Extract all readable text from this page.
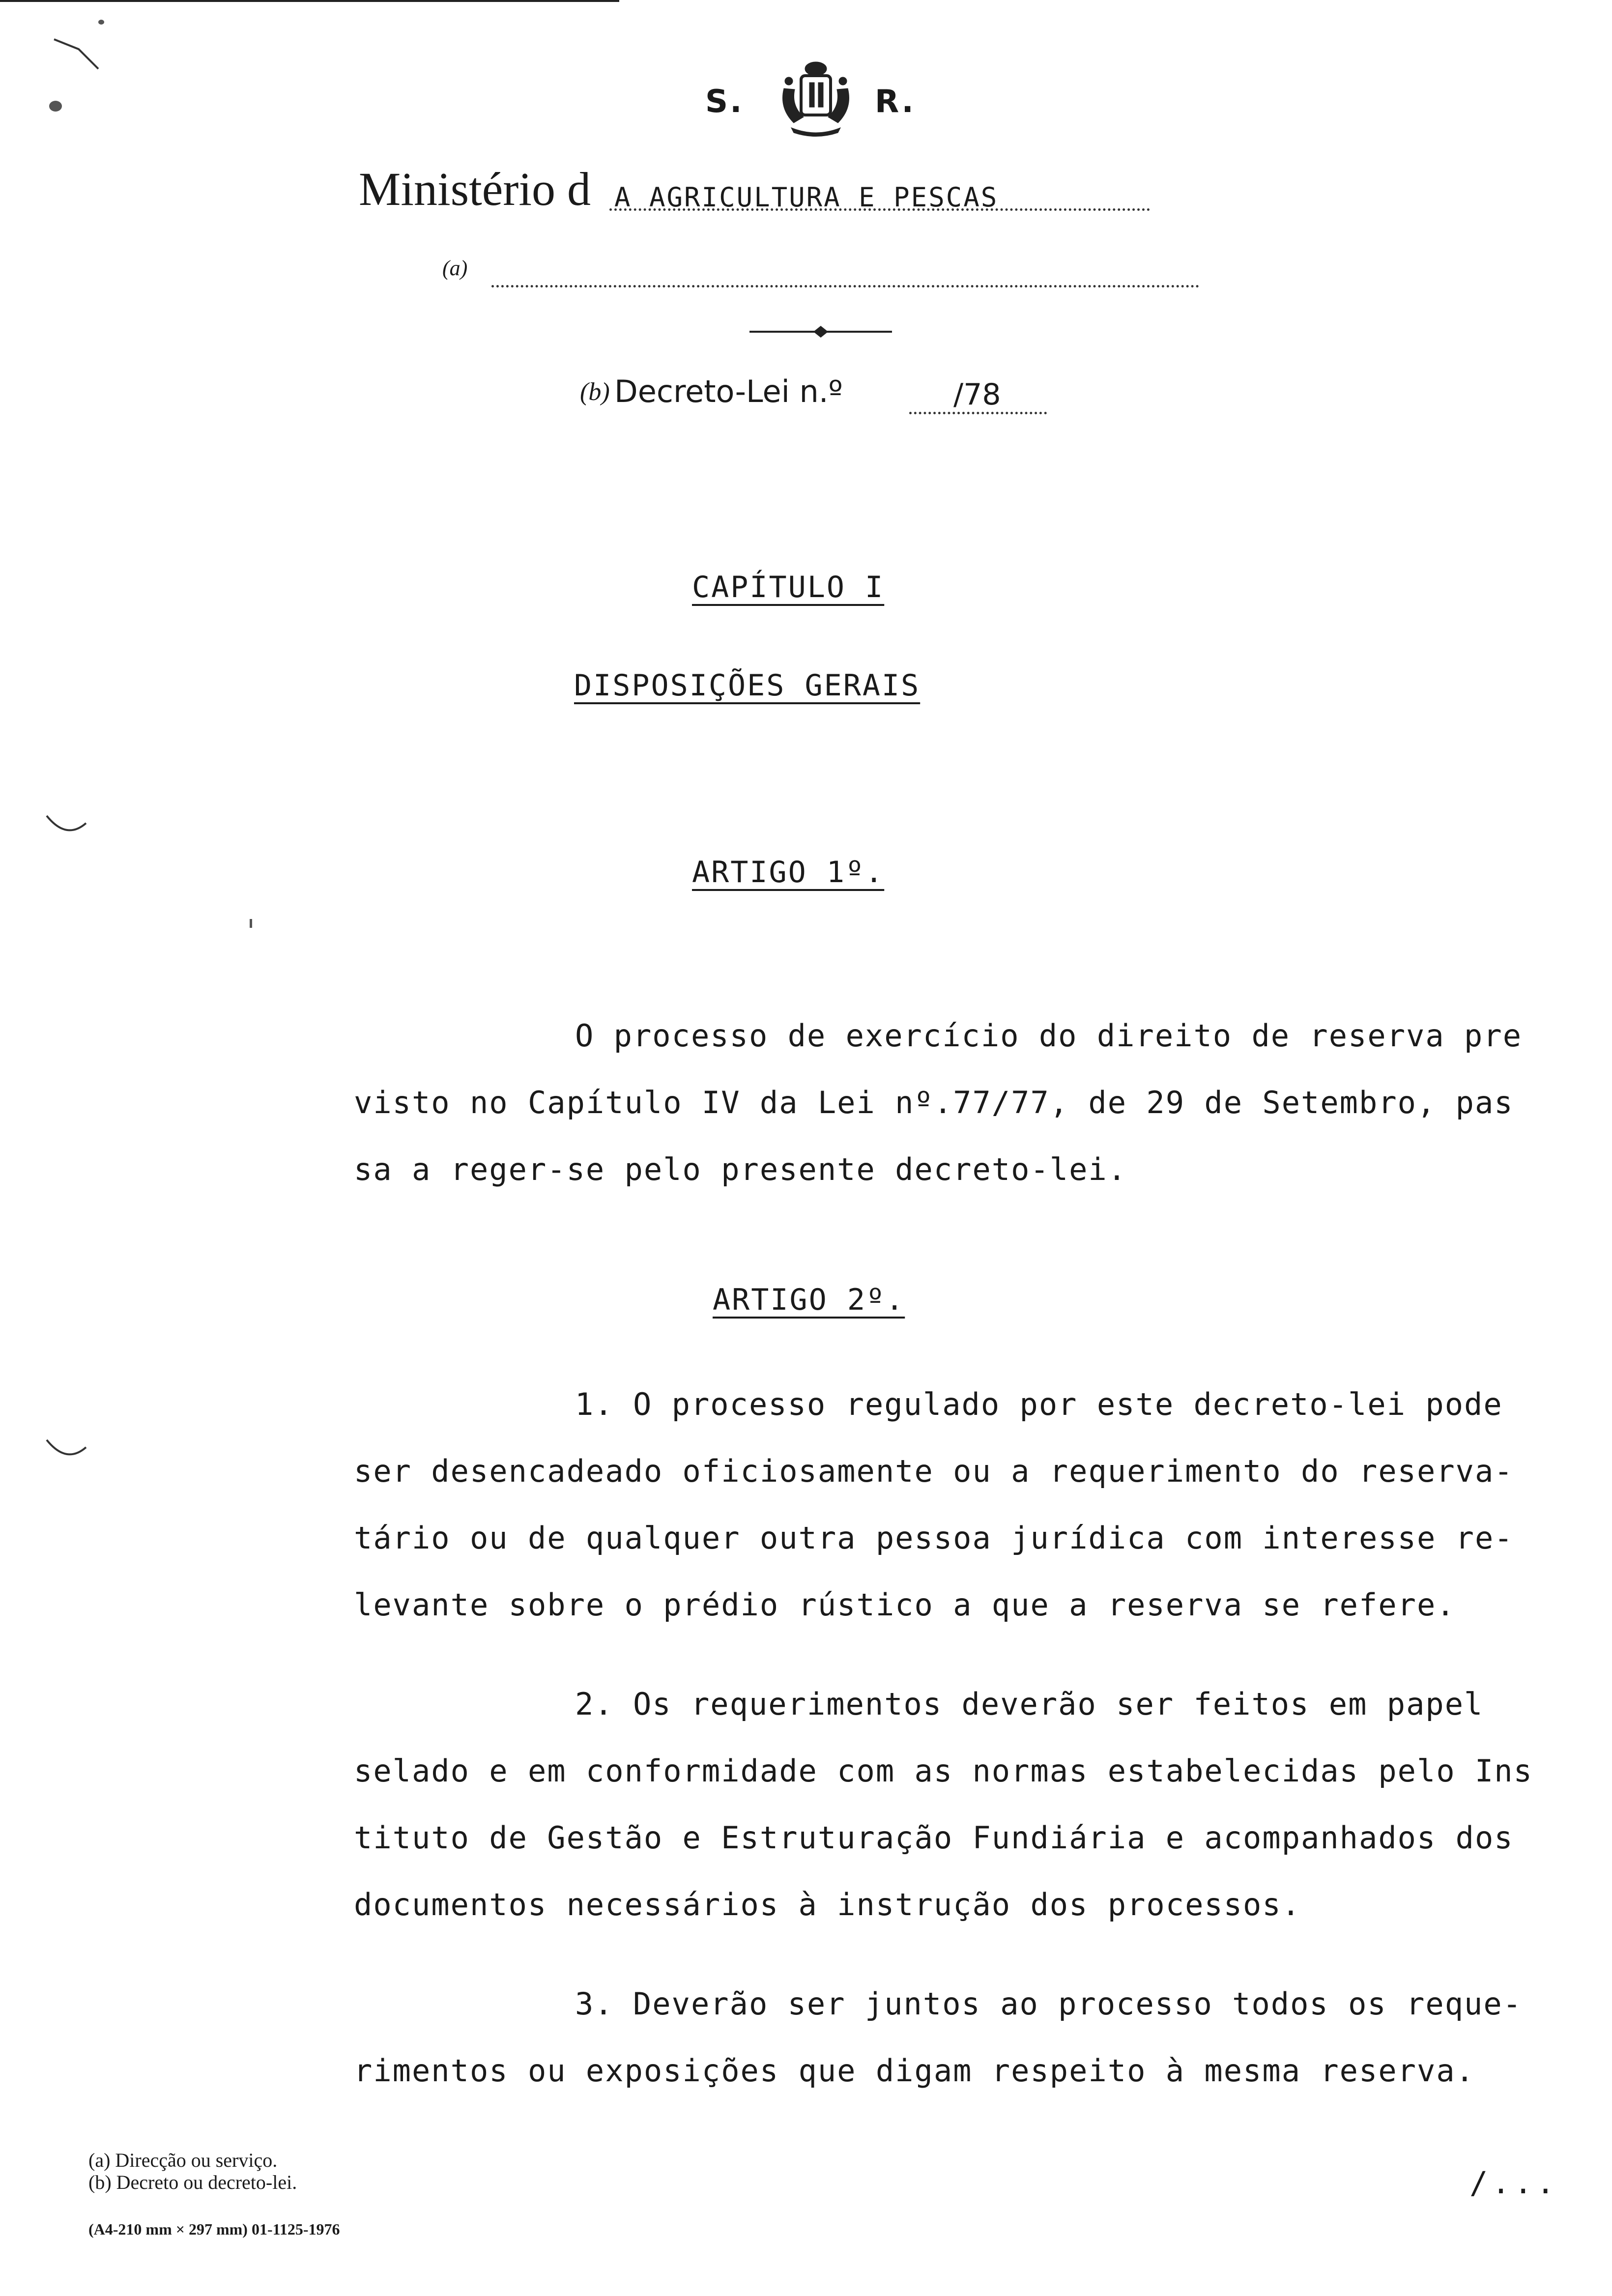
S.	R.
Ministério d A AGRICULTURA E PESCAS
(a)
(b) Decreto-Lei n.º	/78
CAPÍTULO I
DISPOSIÇÕES GERAIS
ARTIGO 1º.

O processo de exercício do direito de reserva pre

visto no Capítulo IV da Lei nº.77/77, de 29 de Setembro, pas

sa a reger-se pelo presente decreto-lei.

ARTIGO 2º.

1. O processo regulado por este decreto-lei pode

ser desencadeado oficiosamente ou a requerimento do reserva-

tário ou de qualquer outra pessoa jurídica com interesse re-

levante sobre o prédio rústico a que a reserva se refere.

2. Os requerimentos deverão ser feitos em papel

selado e em conformidade com as normas estabelecidas pelo Ins

tituto de Gestão e Estruturação Fundiária e acompanhados dos

documentos necessários à instrução dos processos.

3. Deverão ser juntos ao processo todos os reque-

rimentos ou exposições que digam respeito à mesma reserva.

(a) Direcção ou serviço.
(b) Decreto ou decreto-lei.
(A4-210 mm × 297 mm) 01-1125-1976
/...
